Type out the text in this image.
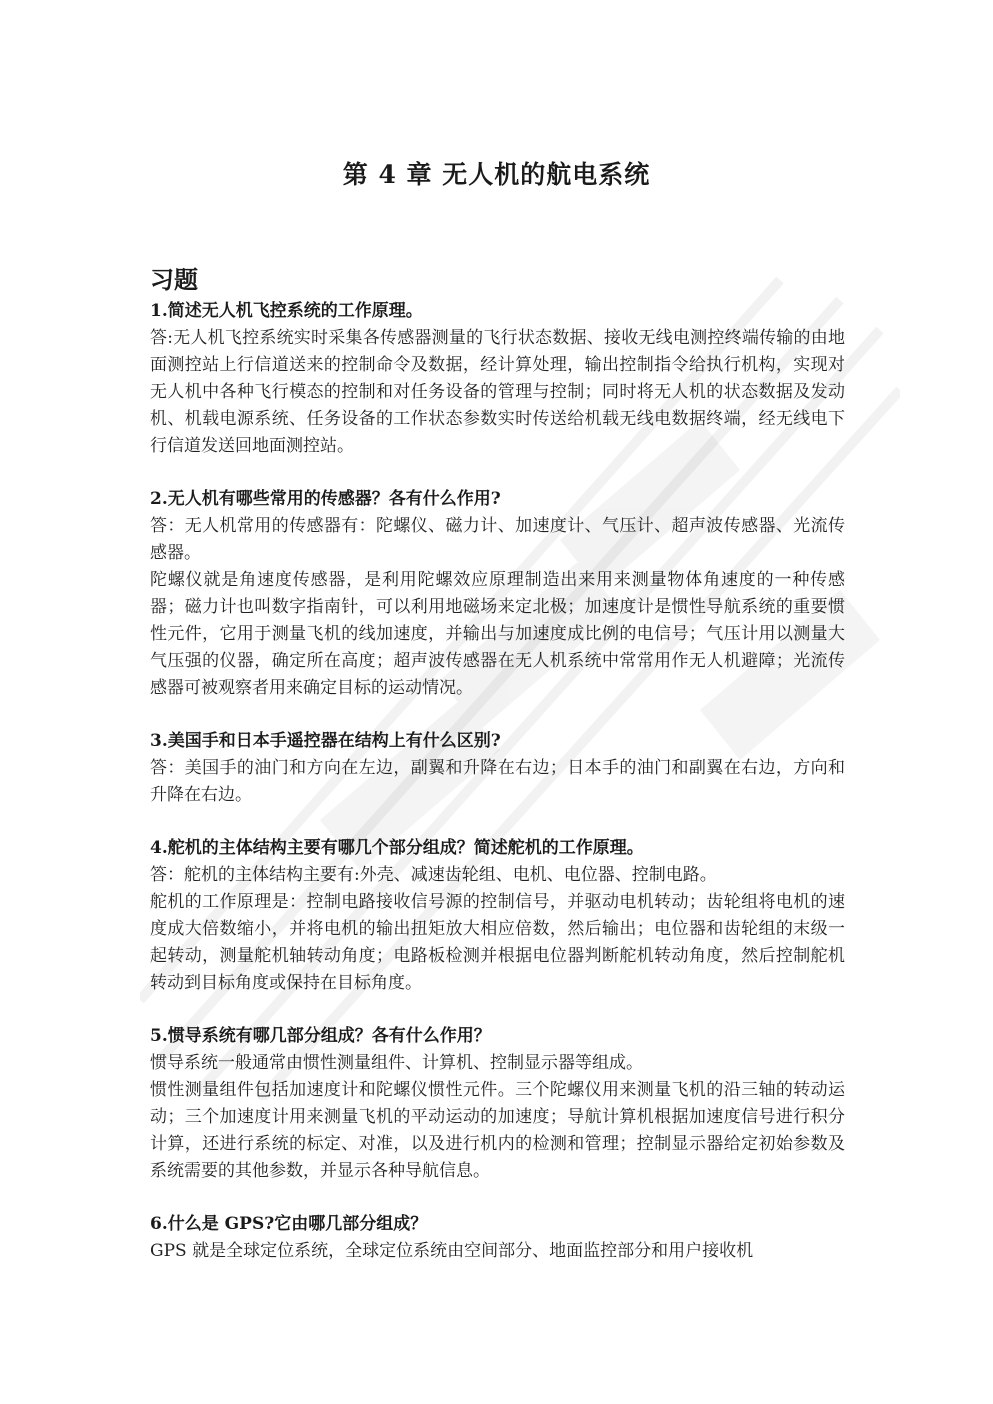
第 4 章 无人机的航电系统
习题

1.简述无人机飞控系统的工作原理。

答:无人机飞控系统实时采集各传感器测量的飞行状态数据、接收无线电测控终端传输的由地面测控站上行信道送来的控制命令及数据，经计算处理，输出控制指令给执行机构，实现对无人机中各种飞行模态的控制和对任务设备的管理与控制；同时将无人机的状态数据及发动机、机载电源系统、任务设备的工作状态参数实时传送给机载无线电数据终端，经无线电下行信道发送回地面测控站。

2.无人机有哪些常用的传感器？各有什么作用?

答：无人机常用的传感器有：陀螺仪、磁力计、加速度计、气压计、超声波传感器、光流传感器。

陀螺仪就是角速度传感器，是利用陀螺效应原理制造出来用来测量物体角速度的一种传感器；磁力计也叫数字指南针，可以利用地磁场来定北极；加速度计是惯性导航系统的重要惯性元件，它用于测量飞机的线加速度，并输出与加速度成比例的电信号；气压计用以测量大气压强的仪器，确定所在高度；超声波传感器在无人机系统中常常用作无人机避障；光流传感器可被观察者用来确定目标的运动情况。

3.美国手和日本手遥控器在结构上有什么区别?

答：美国手的油门和方向在左边，副翼和升降在右边；日本手的油门和副翼在右边，方向和升降在右边。

4.舵机的主体结构主要有哪几个部分组成？简述舵机的工作原理。

答：舵机的主体结构主要有:外壳、减速齿轮组、电机、电位器、控制电路。

舵机的工作原理是：控制电路接收信号源的控制信号，并驱动电机转动；齿轮组将电机的速度成大倍数缩小，并将电机的输出扭矩放大相应倍数，然后输出；电位器和齿轮组的末级一起转动，测量舵机轴转动角度；电路板检测并根据电位器判断舵机转动角度，然后控制舵机转动到目标角度或保持在目标角度。

5.惯导系统有哪几部分组成？各有什么作用？

惯导系统一般通常由惯性测量组件、计算机、控制显示器等组成。

惯性测量组件包括加速度计和陀螺仪惯性元件。三个陀螺仪用来测量飞机的沿三轴的转动运动；三个加速度计用来测量飞机的平动运动的加速度；导航计算机根据加速度信号进行积分计算，还进行系统的标定、对准，以及进行机内的检测和管理；控制显示器给定初始参数及系统需要的其他参数，并显示各种导航信息。

6.什么是 GPS?它由哪几部分组成？

GPS 就是全球定位系统，全球定位系统由空间部分、地面监控部分和用户接收机
